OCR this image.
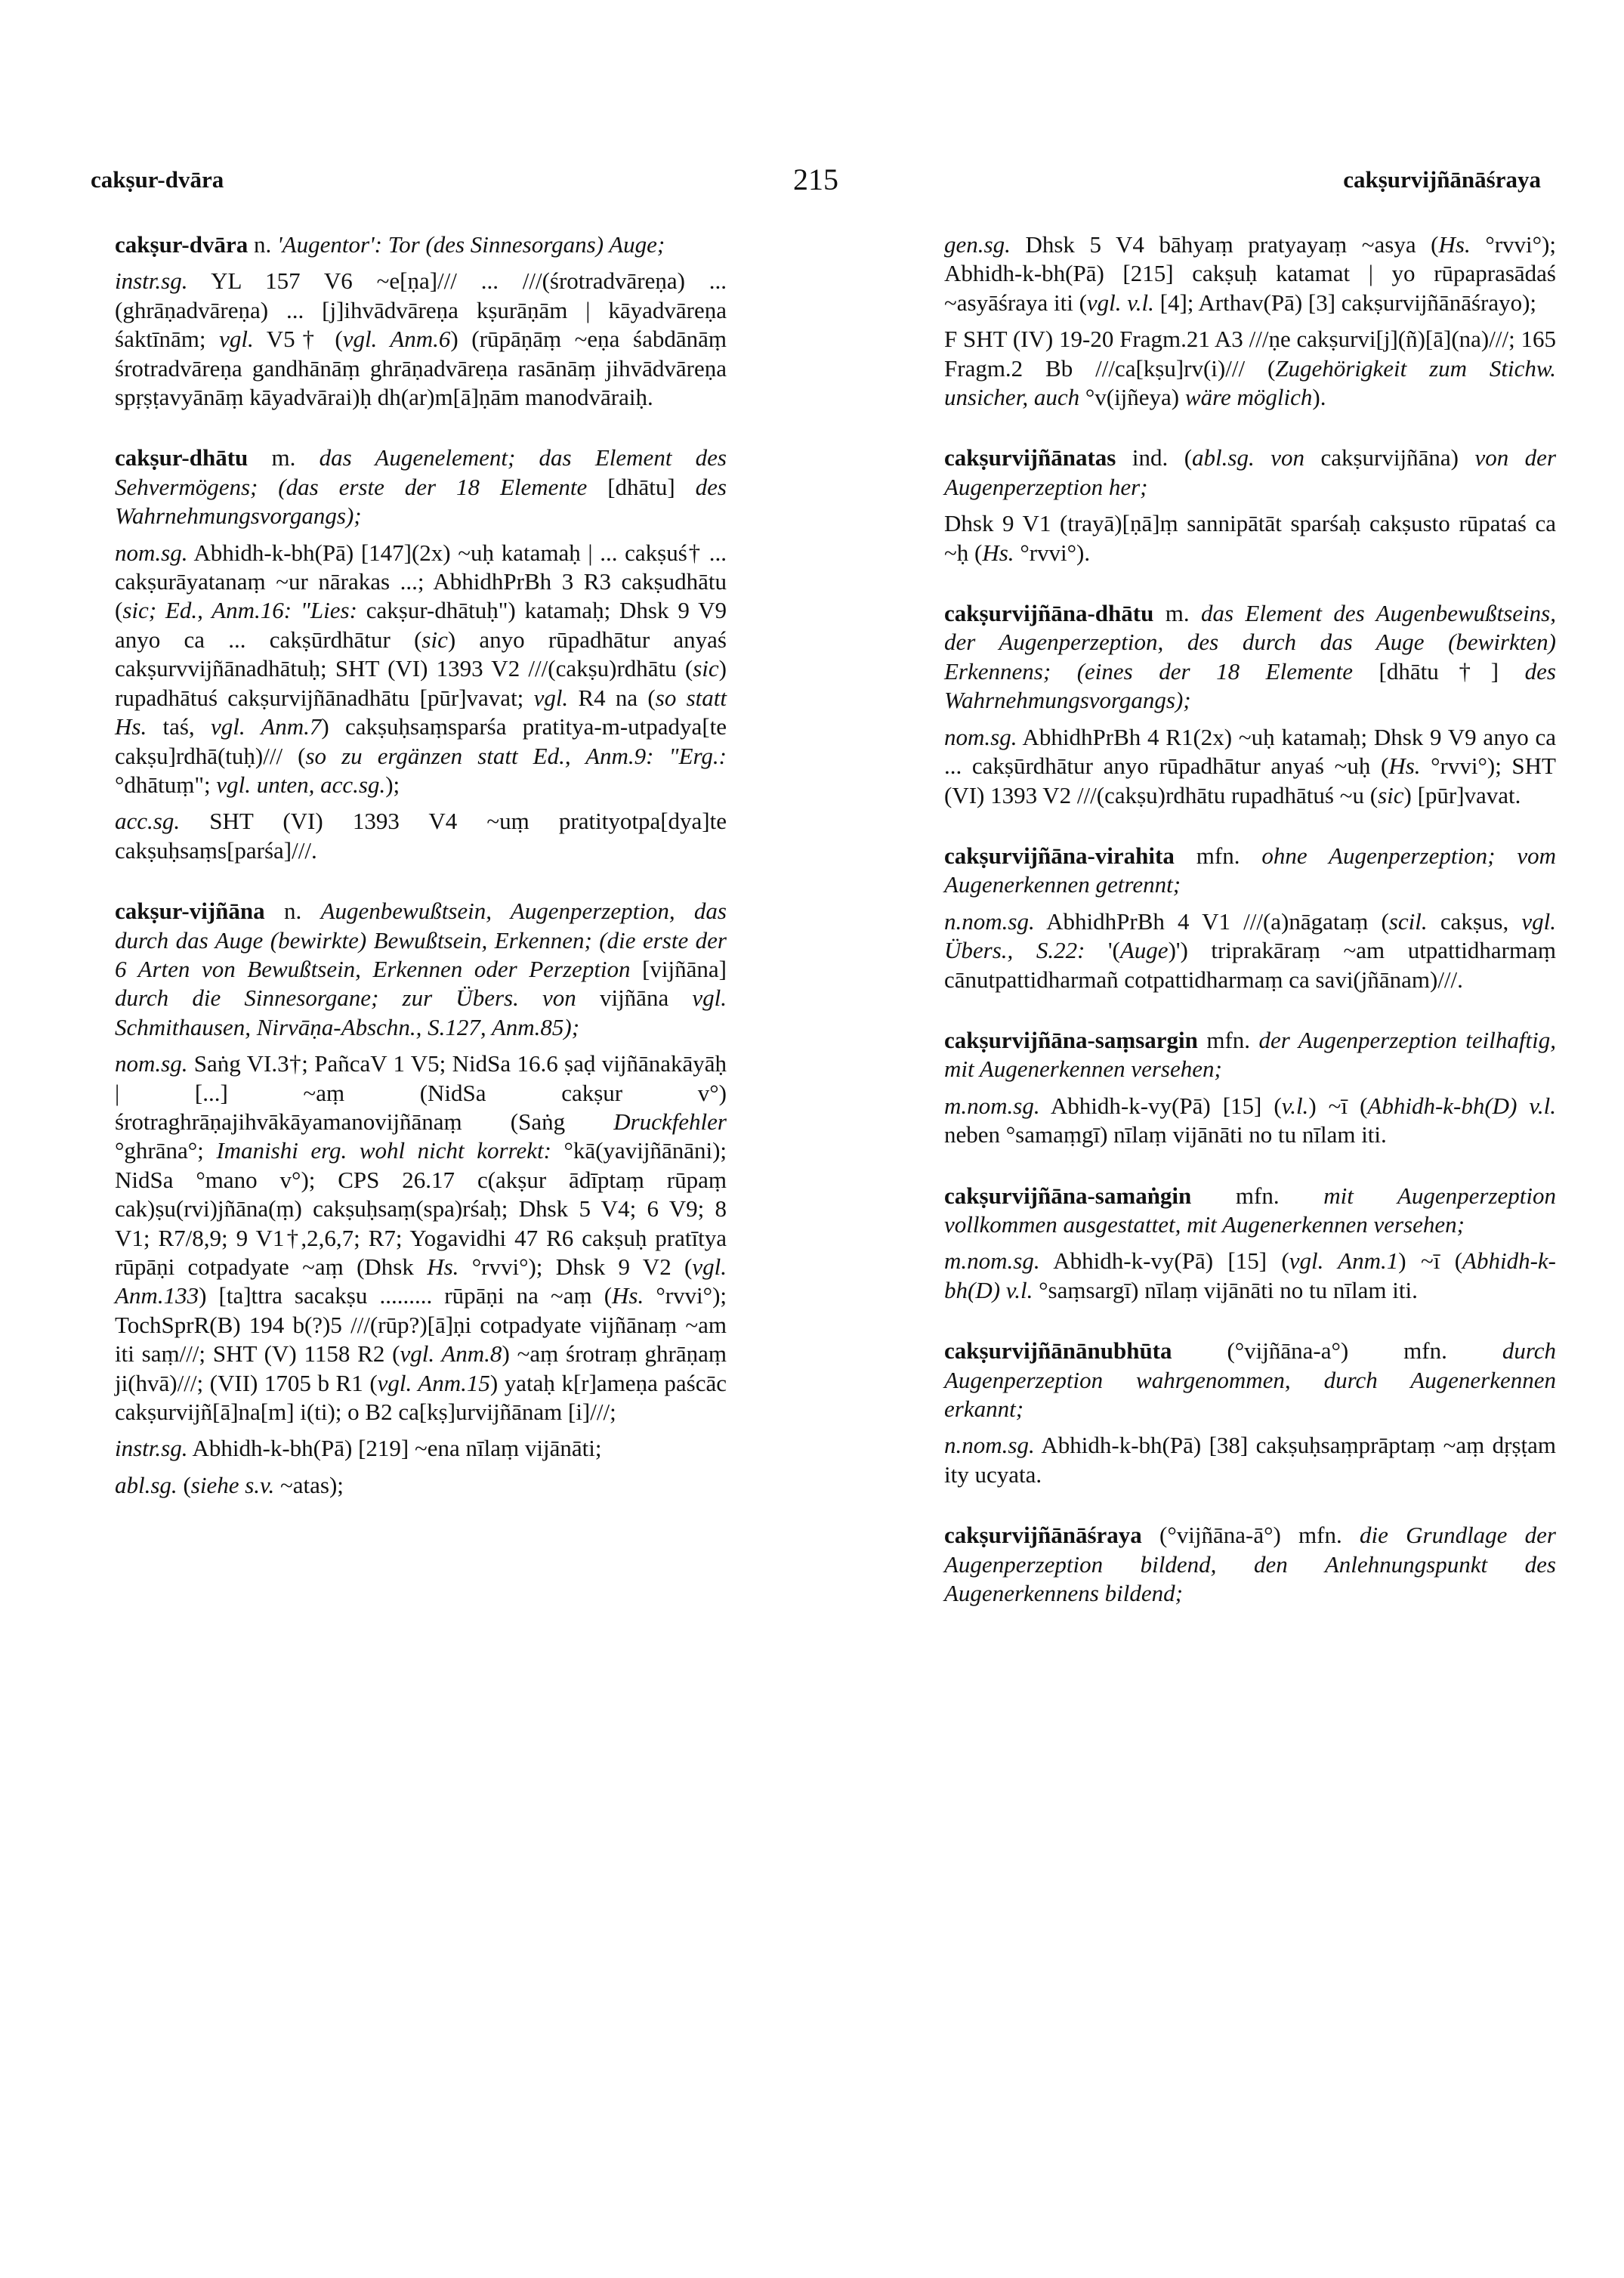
cakṣur-dvāra	215	cakṣurvijñānāśraya
cakṣur-dvāra n. 'Augentor': Tor (des Sinnesorgans) Auge;
instr.sg. YL 157 V6 ~e[ṇa]/// ... ///(śrotradvāreṇa) ... (ghrāṇadvāreṇa) ... [j]ihvādvāreṇa kṣurāṇām | kāyadvāreṇa śaktīnām; vgl. V5† (vgl. Anm.6) (rūpāṇāṃ ~eṇa śabdānāṃ śrotradvāreṇa gandhānāṃ ghrāṇadvāreṇa rasānāṃ jihvādvāreṇa spṛṣṭavyānāṃ kāyadvārai)ḥ dh(ar)m[ā]ṇām manodvāraiḥ.
cakṣur-dhātu m. das Augenelement; das Element des Sehvermögens; (das erste der 18 Elemente [dhātu] des Wahrnehmungsvorgangs);
nom.sg. Abhidh-k-bh(Pā) [147](2x) ~uḥ katamaḥ | ... cakṣuś† ... cakṣurāyatanaṃ ~ur nārakas ...; AbhidhPrBh 3 R3 cakṣudhātu (sic; Ed., Anm.16: "Lies: cakṣur-dhātuḥ") katamaḥ; Dhsk 9 V9 anyo ca ... cakṣūrdhātur (sic) anyo rūpadhātur anyaś cakṣurvvijñānadhātuḥ; SHT (VI) 1393 V2 ///(cakṣu)rdhātu (sic) rupadhātuś cakṣurvijñānadhātu [pūr]vavat; vgl. R4 na (so statt Hs. taś, vgl. Anm.7) cakṣuḥsaṃsparśa pratitya-m-utpadya[te cakṣu]rdhā(tuḥ)/// (so zu ergänzen statt Ed., Anm.9: "Erg.: °dhātuṃ"; vgl. unten, acc.sg.);
acc.sg. SHT (VI) 1393 V4 ~uṃ pratityotpa[dya]te cakṣuḥsaṃs[parśa]///.
cakṣur-vijñāna n. Augenbewußtsein, Augenperzeption, das durch das Auge (bewirkte) Bewußtsein, Erkennen; (die erste der 6 Arten von Bewußtsein, Erkennen oder Perzeption [vijñāna] durch die Sinnesorgane; zur Übers. von vijñāna vgl. Schmithausen, Nirvāṇa-Abschn., S.127, Anm.85);
nom.sg. Saṅg VI.3†; PañcaV 1 V5; NidSa 16.6 ṣaḍ vijñānakāyāḥ | [...] ~aṃ (NidSa cakṣur v°) śrotraghrāṇajihvākāyamanovijñānaṃ (Saṅg Druckfehler °ghrāna°; Imanishi erg. wohl nicht korrekt: °kā(yavijñānāni); NidSa °mano v°); CPS 26.17 c(akṣur ādīptaṃ rūpaṃ cak)ṣu(rvi)jñāna(ṃ) cakṣuḥsaṃ(spa)rśaḥ; Dhsk 5 V4; 6 V9; 8 V1; R7/8,9; 9 V1†,2,6,7; R7; Yogavidhi 47 R6 cakṣuḥ pratītya rūpāṇi cotpadyate ~aṃ (Dhsk Hs. °rvvi°); Dhsk 9 V2 (vgl. Anm.133) [ta]ttra sacakṣu ......... rūpāṇi na ~aṃ (Hs. °rvvi°); TochSprR(B) 194 b(?)5 ///(rūp?)[ā]ṇi cotpadyate vijñānaṃ ~am iti saṃ///; SHT (V) 1158 R2 (vgl. Anm.8) ~aṃ śrotraṃ ghrāṇaṃ ji(hvā)///; (VII) 1705 b R1 (vgl. Anm.15) yataḥ k[r]ameṇa paścāc cakṣurvijñ[ā]na[m] i(ti); o B2 ca[kṣ]urvijñānam [i]///;
instr.sg. Abhidh-k-bh(Pā) [219] ~ena nīlaṃ vijānāti;
abl.sg. (siehe s.v. ~atas);
gen.sg. Dhsk 5 V4 bāhyaṃ pratyayaṃ ~asya (Hs. °rvvi°); Abhidh-k-bh(Pā) [215] cakṣuḥ katamat | yo rūpaprasādaś ~asyāśraya iti (vgl. v.l. [4]; Arthav(Pā) [3] cakṣurvijñānāśrayo);
F SHT (IV) 19-20 Fragm.21 A3 ///ṇe cakṣurvi[j](ñ)[ā](na)///; 165 Fragm.2 Bb ///ca[kṣu]rv(i)/// (Zugehörigkeit zum Stichw. unsicher, auch °v(ijñeya) wäre möglich).
cakṣurvijñānatas ind. (abl.sg. von cakṣurvijñāna) von der Augenperzeption her;
Dhsk 9 V1 (trayā)[ṇā]ṃ sannipātāt sparśaḥ cakṣusto rūpataś ca ~ḥ (Hs. °rvvi°).
cakṣurvijñāna-dhātu m. das Element des Augenbewußtseins, der Augenperzeption, des durch das Auge (bewirkten) Erkennens; (eines der 18 Elemente [dhātu†] des Wahrnehmungsvorgangs);
nom.sg. AbhidhPrBh 4 R1(2x) ~uḥ katamaḥ; Dhsk 9 V9 anyo ca ... cakṣūrdhātur anyo rūpadhātur anyaś ~uḥ (Hs. °rvvi°); SHT (VI) 1393 V2 ///(cakṣu)rdhātu rupadhātuś ~u (sic) [pūr]vavat.
cakṣurvijñāna-virahita mfn. ohne Augenperzeption; vom Augenerkennen getrennt;
n.nom.sg. AbhidhPrBh 4 V1 ///(a)nāgataṃ (scil. cakṣus, vgl. Übers., S.22: '(Auge)') triprakāraṃ ~am utpattidharmaṃ cānutpattidharmañ cotpattidharmaṃ ca savi(jñānam)///.
cakṣurvijñāna-saṃsargin mfn. der Augenperzeption teilhaftig, mit Augenerkennen versehen;
m.nom.sg. Abhidh-k-vy(Pā) [15] (v.l.) ~ī (Abhidh-k-bh(D) v.l. neben °samaṃgī) nīlaṃ vijānāti no tu nīlam iti.
cakṣurvijñāna-samaṅgin mfn. mit Augenperzeption vollkommen ausgestattet, mit Augenerkennen versehen;
m.nom.sg. Abhidh-k-vy(Pā) [15] (vgl. Anm.1) ~ī (Abhidh-k-bh(D) v.l. °saṃsargī) nīlaṃ vijānāti no tu nīlam iti.
cakṣurvijñānānubhūta (°vijñāna-a°) mfn. durch Augenperzeption wahrgenommen, durch Augenerkennen erkannt;
n.nom.sg. Abhidh-k-bh(Pā) [38] cakṣuḥsaṃprāptaṃ ~aṃ dṛṣṭam ity ucyata.
cakṣurvijñānāśraya (°vijñāna-ā°) mfn. die Grundlage der Augenperzeption bildend, den Anlehnungspunkt des Augenerkennens bildend;
